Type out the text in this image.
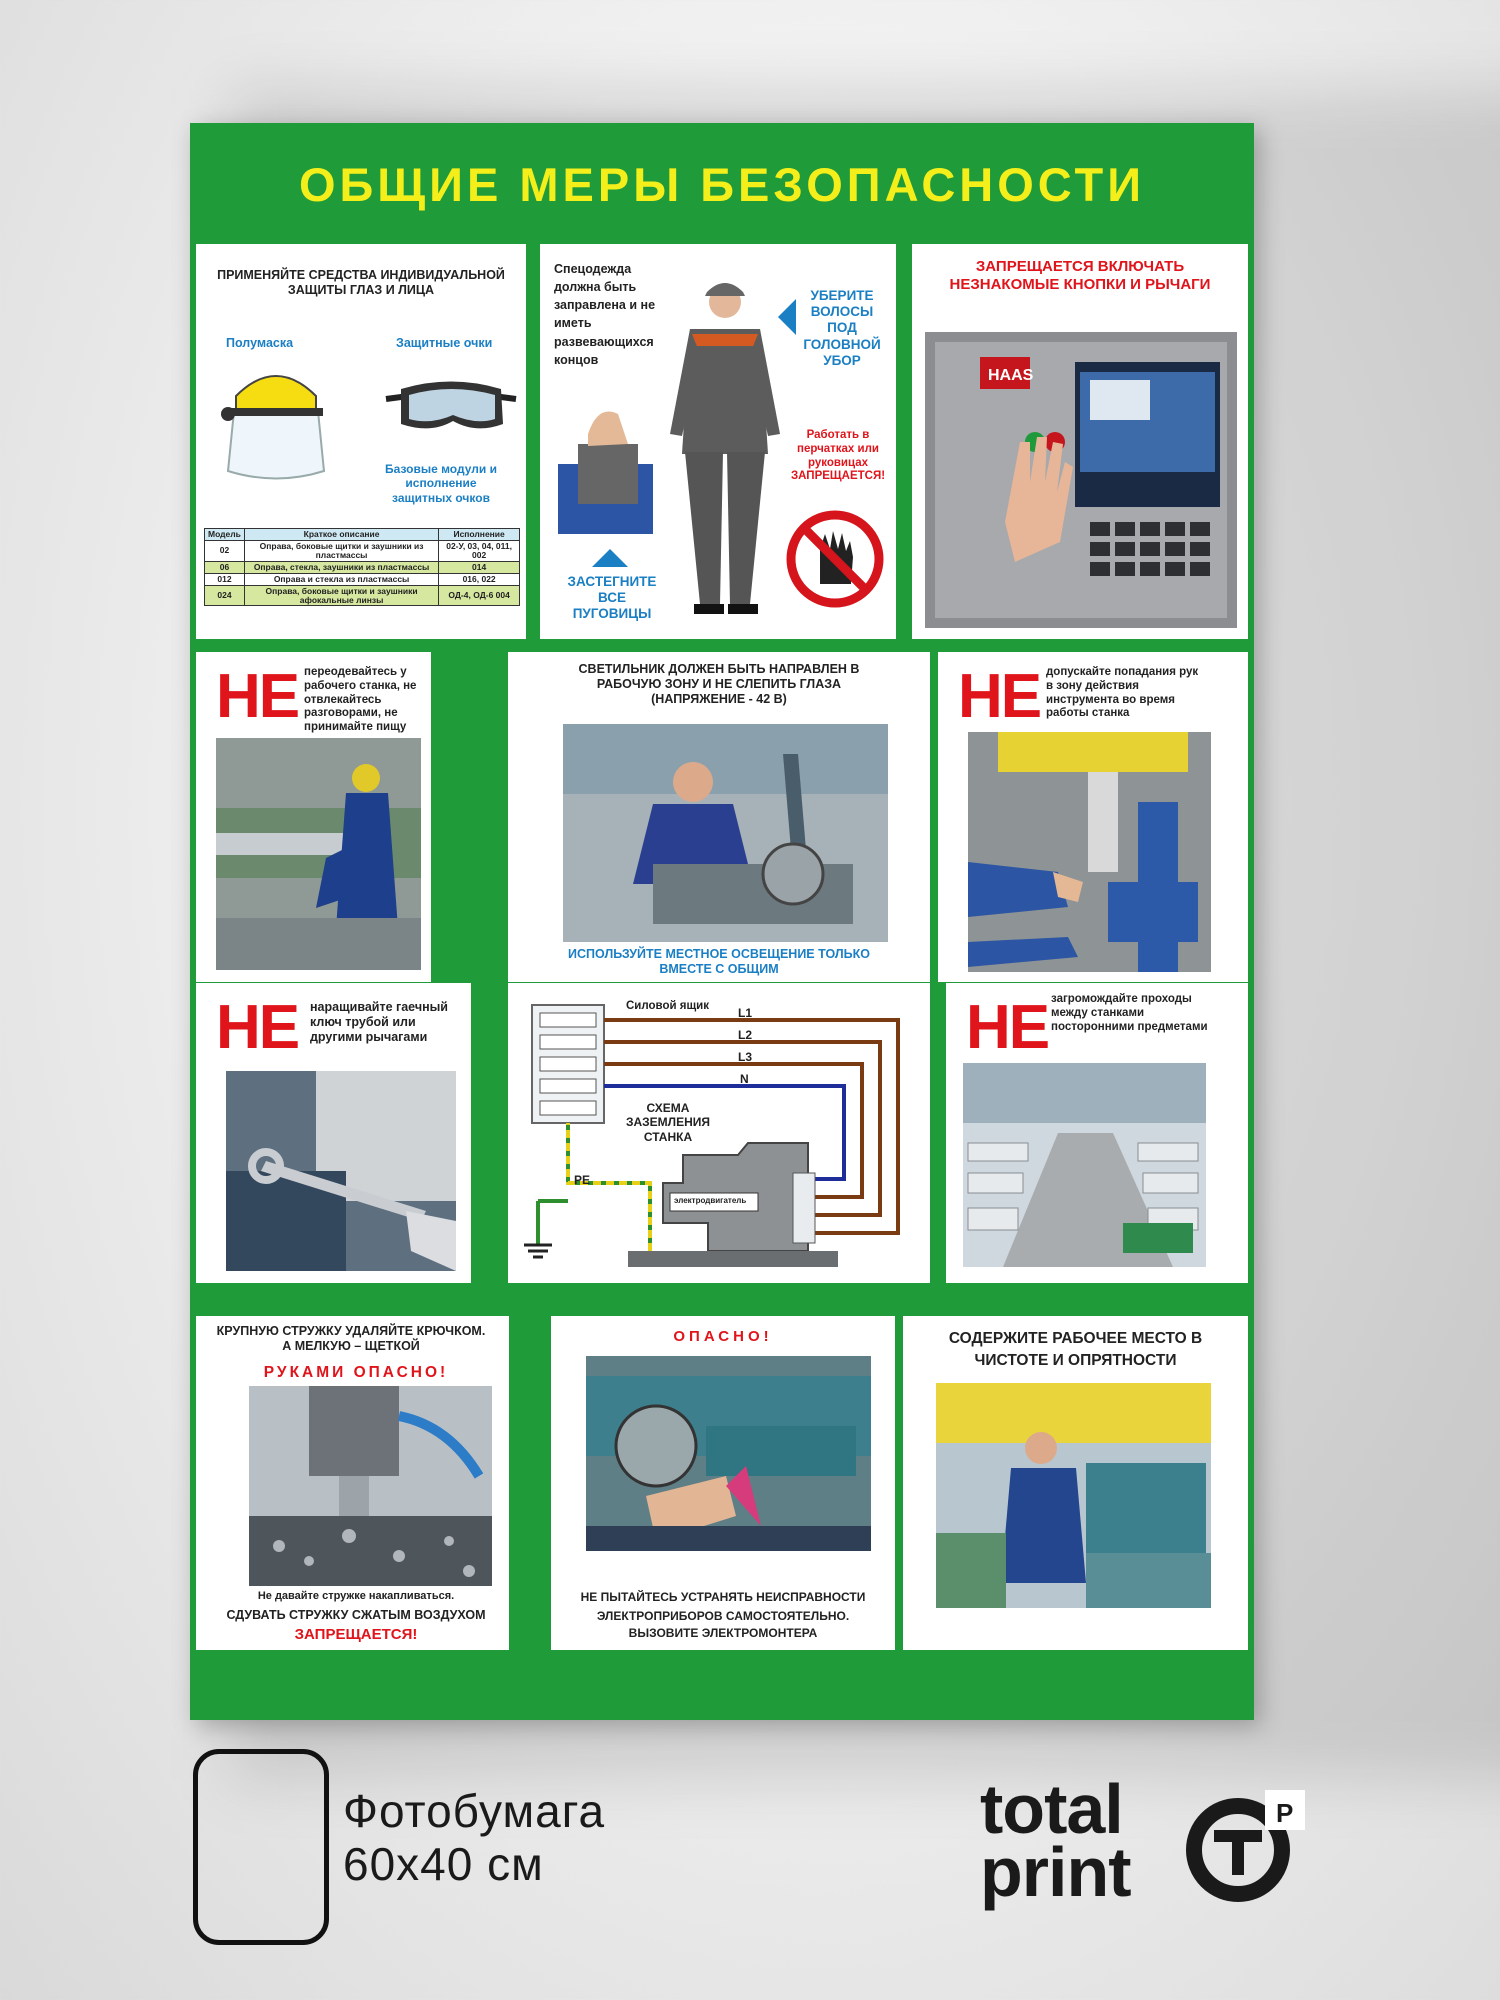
ОБЩИЕ МЕРЫ БЕЗОПАСНОСТИ
ПРИМЕНЯЙТЕ СРЕДСТВА ИНДИВИДУАЛЬНОЙ ЗАЩИТЫ ГЛАЗ И ЛИЦА
Полумаска	Защитные очки
Базовые модули и исполнение защитных очков
Модель	Краткое описание	Исполнение
02	Оправа, боковые щитки и заушники из пластмассы	02-У, 03, 04, 011, 002
06	Оправа, стекла, заушники из пластмассы	014
012	Оправа и стекла из пластмассы	016, 022
024	Оправа, боковые щитки и заушники афокальные линзы	ОД-4, ОД-6 004
Спецодежда должна быть заправлена и не иметь развевающихся концов
УБЕРИТЕ ВОЛОСЫ ПОД ГОЛОВНОЙ УБОР
Работать в перчатках или руковицах ЗАПРЕЩАЕТСЯ!
ЗАСТЕГНИТЕ ВСЕ ПУГОВИЦЫ
ЗАПРЕЩАЕТСЯ ВКЛЮЧАТЬ НЕЗНАКОМЫЕ КНОПКИ И РЫЧАГИ
HAAS
НЕ переодевайтесь у рабочего станка, не отвлекайтесь разговорами, не принимайте пищу
СВЕТИЛЬНИК ДОЛЖЕН БЫТЬ НАПРАВЛЕН В РАБОЧУЮ ЗОНУ И НЕ СЛЕПИТЬ ГЛАЗА (НАПРЯЖЕНИЕ - 42 В)
ИСПОЛЬЗУЙТЕ МЕСТНОЕ ОСВЕЩЕНИЕ ТОЛЬКО ВМЕСТЕ С ОБЩИМ
НЕ допускайте попадания рук в зону действия инструмента во время работы станка
НЕ наращивайте гаечный ключ трубой или другими рычагами
Силовой ящик L1
L2
L3
N
СХЕМА ЗАЗЕМЛЕНИЯ СТАНКА
PE
электродвигатель
НЕ загромождайте проходы между станками посторонними предметами
КРУПНУЮ СТРУЖКУ УДАЛЯЙТЕ КРЮЧКОМ. А МЕЛКУЮ – ЩЕТКОЙ
РУКАМИ ОПАСНО!
Не давайте стружке накапливаться.
СДУВАТЬ СТРУЖКУ СЖАТЫМ ВОЗДУХОМ
ЗАПРЕЩАЕТСЯ!
ОПАСНО!
НЕ ПЫТАЙТЕСЬ УСТРАНЯТЬ НЕИСПРАВНОСТИ ЭЛЕКТРОПРИБОРОВ САМОСТОЯТЕЛЬНО.
ВЫЗОВИТЕ ЭЛЕКТРОМОНТЕРА
СОДЕРЖИТЕ РАБОЧЕЕ МЕСТО В ЧИСТОТЕ И ОПРЯТНОСТИ
Фотобумага
60х40 см
total
print
P
